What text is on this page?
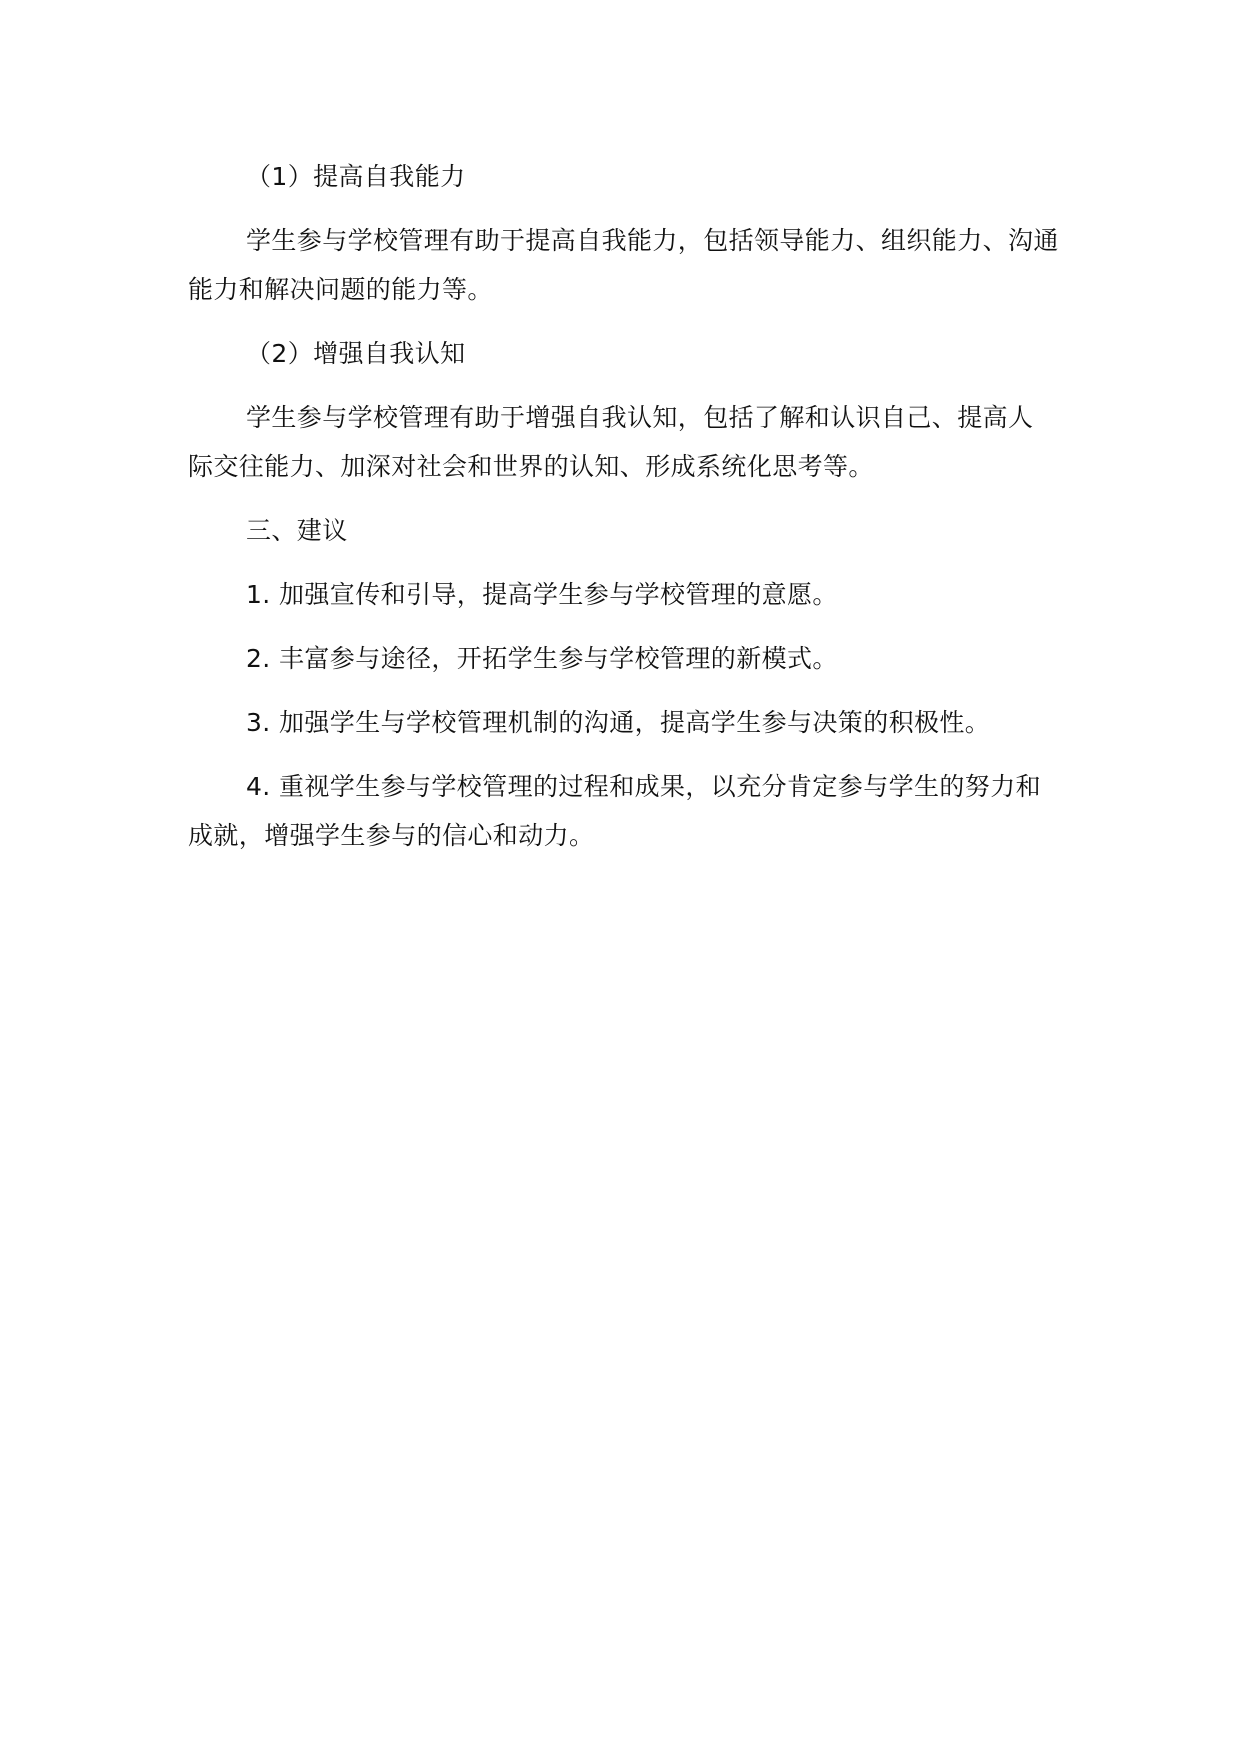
（1）提高自我能力

学生参与学校管理有助于提高自我能力，包括领导能力、组织能力、沟通能力和解决问题的能力等。

（2）增强自我认知

学生参与学校管理有助于增强自我认知，包括了解和认识自己、提高人际交往能力、加深对社会和世界的认知、形成系统化思考等。

三、建议

1. 加强宣传和引导，提高学生参与学校管理的意愿。

2. 丰富参与途径，开拓学生参与学校管理的新模式。

3. 加强学生与学校管理机制的沟通，提高学生参与决策的积极性。

4. 重视学生参与学校管理的过程和成果，以充分肯定参与学生的努力和成就，增强学生参与的信心和动力。
